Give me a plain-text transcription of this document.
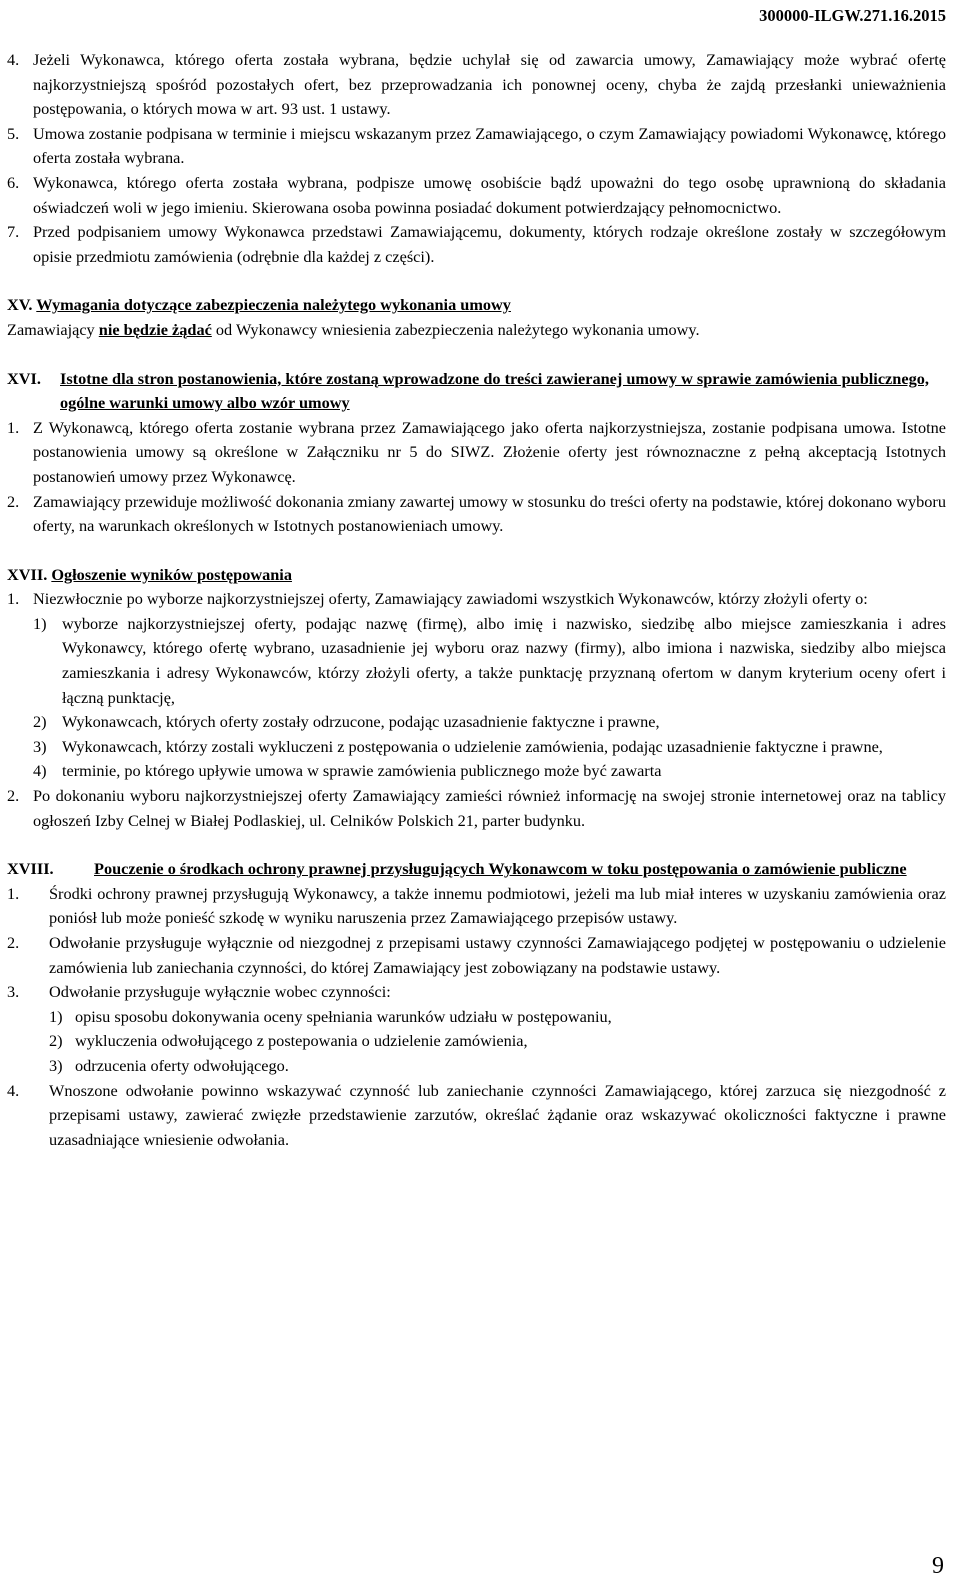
300000-ILGW.271.16.2015
4. Jeżeli Wykonawca, którego oferta została wybrana, będzie uchylał się od zawarcia umowy, Zamawiający może wybrać ofertę najkorzystniejszą spośród pozostałych ofert, bez przeprowadzania ich ponownej oceny, chyba że zajdą przesłanki unieważnienia postępowania, o których mowa w art. 93 ust. 1 ustawy.
5. Umowa zostanie podpisana w terminie i miejscu wskazanym przez Zamawiającego, o czym Zamawiający powiadomi Wykonawcę, którego oferta została wybrana.
6. Wykonawca, którego oferta została wybrana, podpisze umowę osobiście bądź upoważni do tego osobę uprawnioną do składania oświadczeń woli w jego imieniu. Skierowana osoba powinna posiadać dokument potwierdzający pełnomocnictwo.
7. Przed podpisaniem umowy Wykonawca przedstawi Zamawiającemu, dokumenty, których rodzaje określone zostały w szczegółowym opisie przedmiotu zamówienia (odrębnie dla każdej z części).
XV. Wymagania dotyczące zabezpieczenia należytego wykonania umowy

Zamawiający nie będzie żądać od Wykonawcy wniesienia zabezpieczenia należytego wykonania umowy.

XVI. Istotne dla stron postanowienia, które zostaną wprowadzone do treści zawieranej umowy w sprawie zamówienia publicznego, ogólne warunki umowy albo wzór umowy
1. Z Wykonawcą, którego oferta zostanie wybrana przez Zamawiającego jako oferta najkorzystniejsza, zostanie podpisana umowa. Istotne postanowienia umowy są określone w Załączniku nr 5 do SIWZ. Złożenie oferty jest równoznaczne z pełną akceptacją Istotnych postanowień umowy przez Wykonawcę.
2. Zamawiający przewiduje możliwość dokonania zmiany zawartej umowy w stosunku do treści oferty na podstawie, której dokonano wyboru oferty, na warunkach określonych w Istotnych postanowieniach umowy.
XVII. Ogłoszenie wyników postępowania
1. Niezwłocznie po wyborze najkorzystniejszej oferty, Zamawiający zawiadomi wszystkich Wykonawców, którzy złożyli oferty o:
1) wyborze najkorzystniejszej oferty, podając nazwę (firmę), albo imię i nazwisko, siedzibę albo miejsce zamieszkania i adres Wykonawcy, którego ofertę wybrano, uzasadnienie jej wyboru oraz nazwy (firmy), albo imiona i nazwiska, siedziby albo miejsca zamieszkania i adresy Wykonawców, którzy złożyli oferty, a także punktację przyznaną ofertom w danym kryterium oceny ofert i łączną punktację,
2) Wykonawcach, których oferty zostały odrzucone, podając uzasadnienie faktyczne i prawne,
3) Wykonawcach, którzy zostali wykluczeni z postępowania o udzielenie zamówienia, podając uzasadnienie faktyczne i prawne,
4) terminie, po którego upływie umowa w sprawie zamówienia publicznego może być zawarta
2. Po dokonaniu wyboru najkorzystniejszej oferty Zamawiający zamieści również informację na swojej stronie internetowej oraz na tablicy ogłoszeń Izby Celnej w Białej Podlaskiej, ul. Celników Polskich 21, parter budynku.
XVIII. Pouczenie o środkach ochrony prawnej przysługujących Wykonawcom w toku postępowania o zamówienie publiczne
1. Środki ochrony prawnej przysługują Wykonawcy, a także innemu podmiotowi, jeżeli ma lub miał interes w uzyskaniu zamówienia oraz poniósł lub może ponieść szkodę w wyniku naruszenia przez Zamawiającego przepisów ustawy.
2. Odwołanie przysługuje wyłącznie od niezgodnej z przepisami ustawy czynności Zamawiającego podjętej w postępowaniu o udzielenie zamówienia lub zaniechania czynności, do której Zamawiający jest zobowiązany na podstawie ustawy.
3. Odwołanie przysługuje wyłącznie wobec czynności:
1) opisu sposobu dokonywania oceny spełniania warunków udziału w postępowaniu,
2) wykluczenia odwołującego z postepowania o udzielenie zamówienia,
3) odrzucenia oferty odwołującego.
4. Wnoszone odwołanie powinno wskazywać czynność lub zaniechanie czynności Zamawiającego, której zarzuca się niezgodność z przepisami ustawy, zawierać zwięzłe przedstawienie zarzutów, określać żądanie oraz wskazywać okoliczności faktyczne i prawne uzasadniające wniesienie odwołania.
9
